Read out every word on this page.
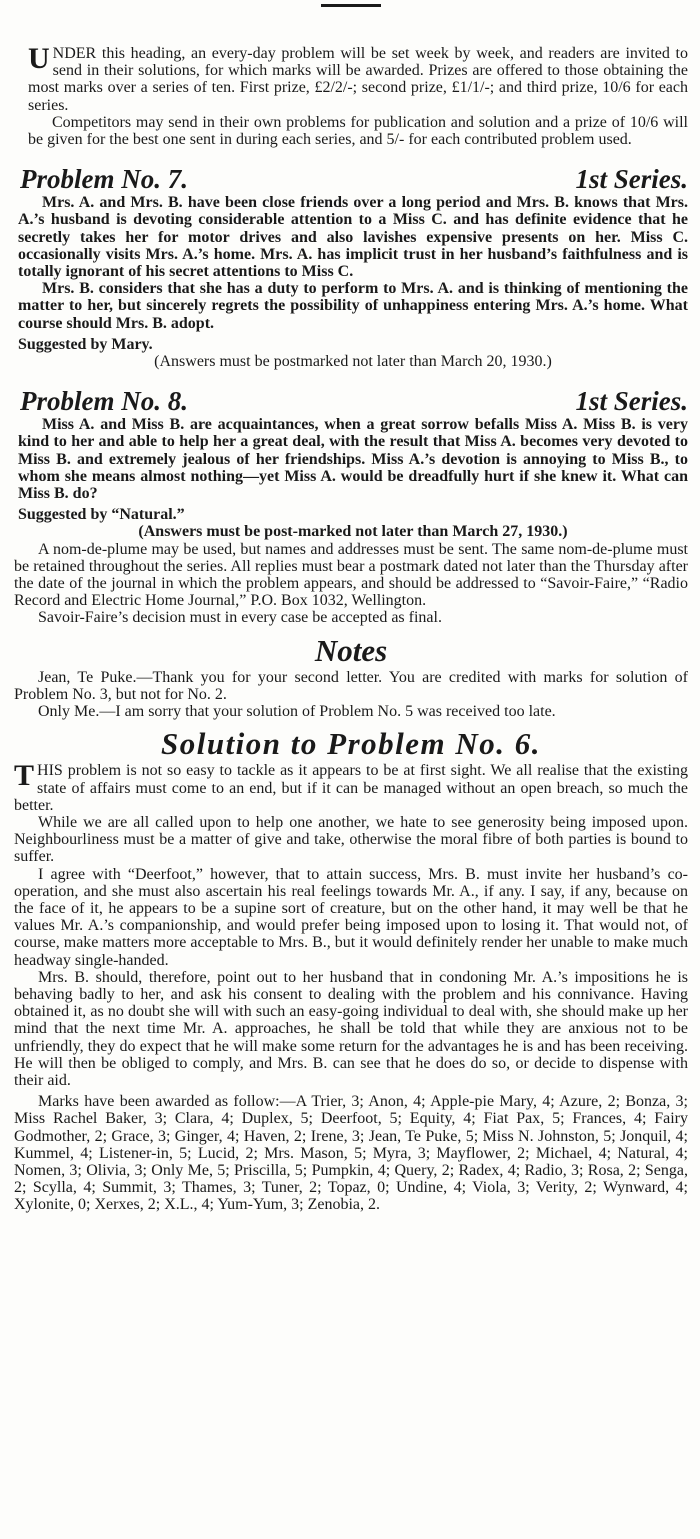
UNDER this heading, an every-day problem will be set week by week, and readers are invited to send in their solutions, for which marks will be awarded. Prizes are offered to those obtaining the most marks over a series of ten. First prize, £2/2/-; second prize, £1/1/-; and third prize, 10/6 for each series.

Competitors may send in their own problems for publication and solution and a prize of 10/6 will be given for the best one sent in during each series, and 5/- for each contributed problem used.

Problem No. 7.	1st Series.

Mrs. A. and Mrs. B. have been close friends over a long period and Mrs. B. knows that Mrs. A.’s husband is devoting considerable attention to a Miss C. and has definite evidence that he secretly takes her for motor drives and also lavishes expensive presents on her. Miss C. occasionally visits Mrs. A.’s home. Mrs. A. has implicit trust in her husband’s faithfulness and is totally ignorant of his secret attentions to Miss C.

Mrs. B. considers that she has a duty to perform to Mrs. A. and is thinking of mentioning the matter to her, but sincerely regrets the possibility of unhappiness entering Mrs. A.’s home. What course should Mrs. B. adopt.

Suggested by Mary.

(Answers must be postmarked not later than March 20, 1930.)

Problem No. 8.	1st Series.

Miss A. and Miss B. are acquaintances, when a great sorrow befalls Miss A. Miss B. is very kind to her and able to help her a great deal, with the result that Miss A. becomes very devoted to Miss B. and extremely jealous of her friendships. Miss A.’s devotion is annoying to Miss B., to whom she means almost nothing—yet Miss A. would be dreadfully hurt if she knew it. What can Miss B. do?

Suggested by “Natural.”

(Answers must be post-marked not later than March 27, 1930.)

A nom-de-plume may be used, but names and addresses must be sent. The same nom-de-plume must be retained throughout the series. All replies must bear a postmark dated not later than the Thursday after the date of the journal in which the problem appears, and should be addressed to “Savoir-Faire,” “Radio Record and Electric Home Journal,” P.O. Box 1032, Wellington.

Savoir-Faire’s decision must in every case be accepted as final.

Notes

Jean, Te Puke.—Thank you for your second letter. You are credited with marks for solution of Problem No. 3, but not for No. 2.

Only Me.—I am sorry that your solution of Problem No. 5 was received too late.

Solution to Problem No. 6.

THIS problem is not so easy to tackle as it appears to be at first sight. We all realise that the existing state of affairs must come to an end, but if it can be managed without an open breach, so much the better.

While we are all called upon to help one another, we hate to see generosity being imposed upon. Neighbourliness must be a matter of give and take, otherwise the moral fibre of both parties is bound to suffer.

I agree with “Deerfoot,” however, that to attain success, Mrs. B. must invite her husband’s co-operation, and she must also ascertain his real feelings towards Mr. A., if any. I say, if any, because on the face of it, he appears to be a supine sort of creature, but on the other hand, it may well be that he values Mr. A.’s companionship, and would prefer being imposed upon to losing it. That would not, of course, make matters more acceptable to Mrs. B., but it would definitely render her unable to make much headway single-handed.

Mrs. B. should, therefore, point out to her husband that in condoning Mr. A.’s impositions he is behaving badly to her, and ask his consent to dealing with the problem and his connivance. Having obtained it, as no doubt she will with such an easy-going individual to deal with, she should make up her mind that the next time Mr. A. approaches, he shall be told that while they are anxious not to be unfriendly, they do expect that he will make some return for the advantages he is and has been receiving. He will then be obliged to comply, and Mrs. B. can see that he does do so, or decide to dispense with their aid.

Marks have been awarded as follow:—A Trier, 3; Anon, 4; Apple-pie Mary, 4; Azure, 2; Bonza, 3; Miss Rachel Baker, 3; Clara, 4; Duplex, 5; Deerfoot, 5; Equity, 4; Fiat Pax, 5; Frances, 4; Fairy Godmother, 2; Grace, 3; Ginger, 4; Haven, 2; Irene, 3; Jean, Te Puke, 5; Miss N. Johnston, 5; Jonquil, 4; Kummel, 4; Listener-in, 5; Lucid, 2; Mrs. Mason, 5; Myra, 3; Mayflower, 2; Michael, 4; Natural, 4; Nomen, 3; Olivia, 3; Only Me, 5; Priscilla, 5; Pumpkin, 4; Query, 2; Radex, 4; Radio, 3; Rosa, 2; Senga, 2; Scylla, 4; Summit, 3; Thames, 3; Tuner, 2; Topaz, 0; Undine, 4; Viola, 3; Verity, 2; Wynward, 4; Xylonite, 0; Xerxes, 2; X.L., 4; Yum-Yum, 3; Zenobia, 2.
